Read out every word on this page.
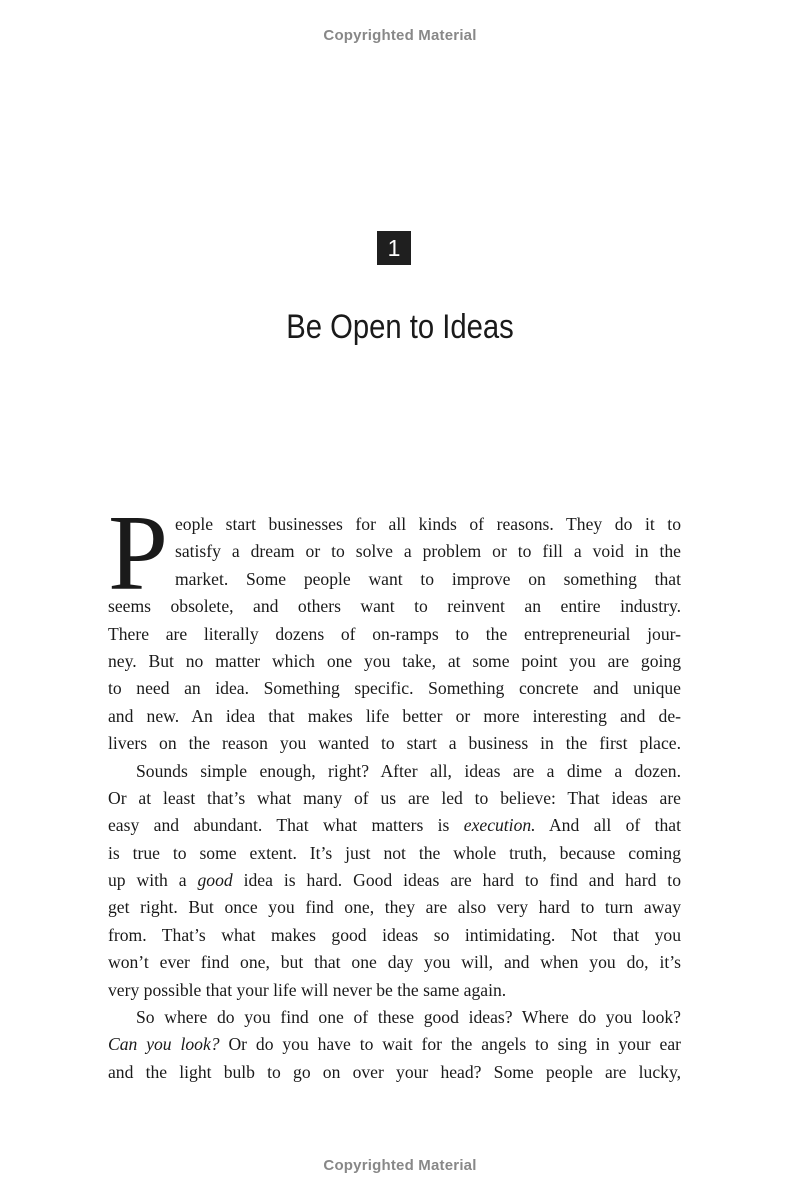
Copyrighted Material
1
Be Open to Ideas
P eople start businesses for all kinds of reasons. They do it to
satisfy a dream or to solve a problem or to fill a void in the
market. Some people want to improve on something that
seems obsolete, and others want to reinvent an entire industry.
There are literally dozens of on-ramps to the entrepreneurial jour-
ney. But no matter which one you take, at some point you are going
to need an idea. Something specific. Something concrete and unique
and new. An idea that makes life better or more interesting and de-
livers on the reason you wanted to start a business in the first place.
Sounds simple enough, right? After all, ideas are a dime a dozen.
Or at least that’s what many of us are led to believe: That ideas are
easy and abundant. That what matters is execution. And all of that
is true to some extent. It’s just not the whole truth, because coming
up with a good idea is hard. Good ideas are hard to find and hard to
get right. But once you find one, they are also very hard to turn away
from. That’s what makes good ideas so intimidating. Not that you
won’t ever find one, but that one day you will, and when you do, it’s
very possible that your life will never be the same again.
So where do you find one of these good ideas? Where do you look?
Can you look? Or do you have to wait for the angels to sing in your ear
and the light bulb to go on over your head? Some people are lucky,
Copyrighted Material
